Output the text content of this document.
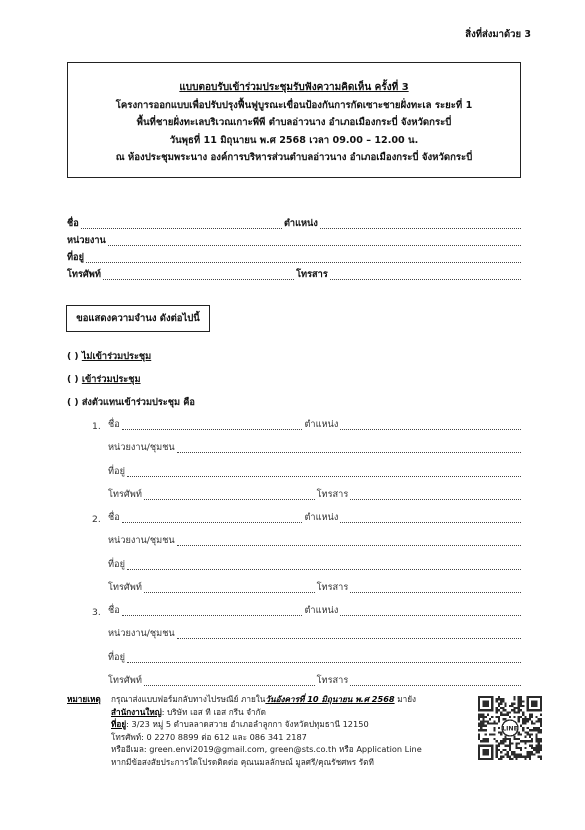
สิ่งที่ส่งมาด้วย 3
แบบตอบรับเข้าร่วมประชุมรับฟังความคิดเห็น ครั้งที่ 3
โครงการออกแบบเพื่อปรับปรุงฟื้นฟูบูรณะเขื่อนป้องกันการกัดเซาะชายฝั่งทะเล ระยะที่ 1
พื้นที่ชายฝั่งทะเลบริเวณเกาะพีพี ตำบลอ่าวนาง อำเภอเมืองกระบี่ จังหวัดกระบี่
วันพุธที่ 11 มิถุนายน พ.ศ 2568 เวลา 09.00 – 12.00 น.
ณ ห้องประชุมพระนาง องค์การบริหารส่วนตำบลอ่าวนาง อำเภอเมืองกระบี่ จังหวัดกระบี่
ชื่อ	ตำแหน่ง
หน่วยงาน
ที่อยู่
โทรศัพท์	โทรสาร
ขอแสดงความจำนง ดังต่อไปนี้
( ) ไม่เข้าร่วมประชุม
( ) เข้าร่วมประชุม
( ) ส่งตัวแทนเข้าร่วมประชุม คือ
1. ชื่อ	ตำแหน่ง
หน่วยงาน/ชุมชน
ที่อยู่
โทรศัพท์	โทรสาร
2. ชื่อ	ตำแหน่ง
หน่วยงาน/ชุมชน
ที่อยู่
โทรศัพท์	โทรสาร
3. ชื่อ	ตำแหน่ง
หน่วยงาน/ชุมชน
ที่อยู่
โทรศัพท์	โทรสาร
หมายเหตุ กรุณาส่งแบบฟอร์มกลับทางไปรษณีย์ ภายในวันอังคารที่ 10 มิถุนายน พ.ศ 2568 มายัง
สำนักงานใหญ่: บริษัท เอส ที เอส กรีน จำกัด
ที่อยู่: 3/23 หมู่ 5 ตำบลลาดสวาย อำเภอลำลูกกา จังหวัดปทุมธานี 12150
โทรศัพท์: 0 2270 8899 ต่อ 612 และ 086 341 2187
หรืออีเมล: green.envi2019@gmail.com, green@sts.co.th หรือ Application Line
หากมีข้อสงสัยประการใดโปรดติดต่อ คุณนมลลักษณ์ มูลศรี/คุณรัชศพร รัตที
LINE
